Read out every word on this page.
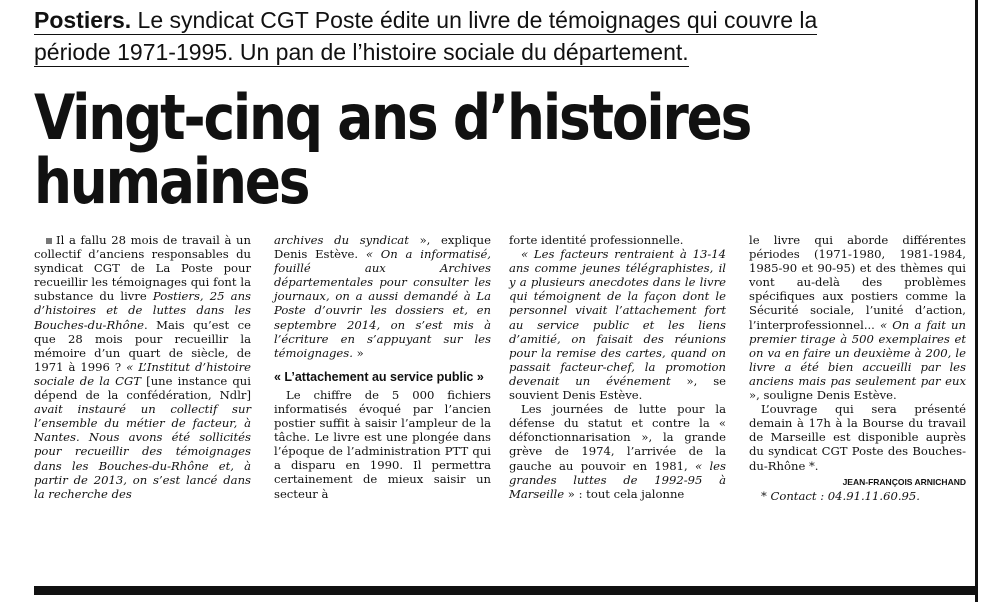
Postiers. Le syndicat CGT Poste édite un livre de témoignages qui couvre la
période 1971-1995. Un pan de l’histoire sociale du département.
Vingt-cinq ans d’histoires
humaines

Il a fallu 28 mois de travail à un collectif d’anciens responsables du syndicat CGT de La Poste pour recueillir les témoignages qui font la substance du livre Postiers, 25 ans d’histoires et de luttes dans les Bouches-du-Rhône. Mais qu’est ce que 28 mois pour recueillir la mémoire d’un quart de siècle, de 1971 à 1996 ? « L’Institut d’histoire sociale de la CGT [une instance qui dépend de la confédération, Ndlr] avait instauré un collectif sur l’ensemble du métier de facteur, à Nantes. Nous avons été sollicités pour recueillir des témoignages dans les Bouches-du-Rhône et, à partir de 2013, on s’est lancé dans la recherche des

archives du syndicat », explique Denis Estève. « On a informatisé, fouillé aux Archives départementales pour consulter les journaux, on a aussi demandé à La Poste d’ouvrir les dossiers et, en septembre 2014, on s’est mis à l’écriture en s’appuyant sur les témoignages. »

« L’attachement au service public »

Le chiffre de 5 000 fichiers informatisés évoqué par l’ancien postier suffit à saisir l’ampleur de la tâche. Le livre est une plongée dans l’époque de l’administration PTT qui a disparu en 1990. Il permettra certainement de mieux saisir un secteur à

forte identité professionnelle.

« Les facteurs rentraient à 13-14 ans comme jeunes télégraphistes, il y a plusieurs anecdotes dans le livre qui témoignent de la façon dont le personnel vivait l’attachement fort au service public et les liens d’amitié, on faisait des réunions pour la remise des cartes, quand on passait facteur-chef, la promotion devenait un événement », se souvient Denis Estève.

Les journées de lutte pour la défense du statut et contre la « défonctionnarisation », la grande grève de 1974, l’arrivée de la gauche au pouvoir en 1981, « les grandes luttes de 1992-95 à Marseille » : tout cela jalonne

le livre qui aborde différentes périodes (1971-1980, 1981-1984, 1985-90 et 90-95) et des thèmes qui vont au-delà des problèmes spécifiques aux postiers comme la Sécurité sociale, l’unité d’action, l’interprofessionnel... « On a fait un premier tirage à 500 exemplaires et on va en faire un deuxième à 200, le livre a été bien accueilli par les anciens mais pas seulement par eux », souligne Denis Estève.

L’ouvrage qui sera présenté demain à 17h à la Bourse du travail de Marseille est disponible auprès du syndicat CGT Poste des Bouches-du-Rhône *.

JEAN-FRANÇOIS ARNICHAND

* Contact : 04.91.11.60.95.
